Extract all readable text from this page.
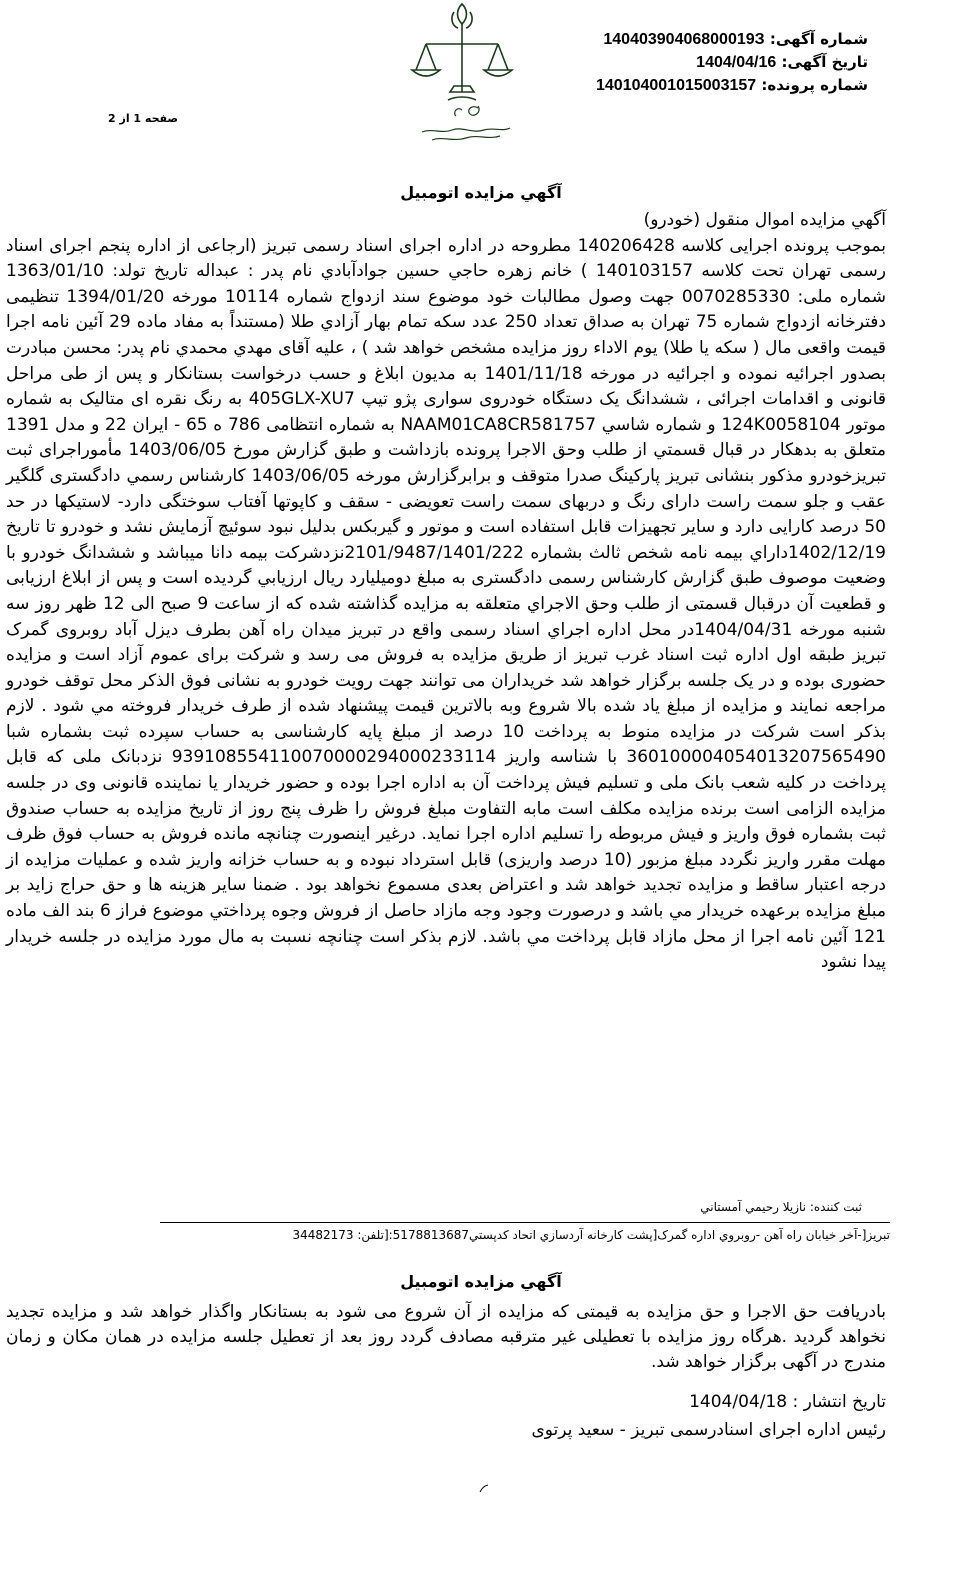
شماره آگهی: 14040390406800019З
تاریخ آگهی: 1404/04/16
شماره پرونده: 140104001015003157
صفحه 1 از 2
آگهي مزايده اتومبيل

آگهي مزايده اموال منقول (خودرو)

بموجب پرونده اجرایی کلاسه 140206428 مطروحه در اداره اجرای اسناد رسمی تبریز (ارجاعی از اداره پنجم اجرای اسناد رسمی تهران تحت کلاسه 140103157 ) خانم زهره حاجي حسين جوادآبادي نام پدر : عبداله تاریخ تولد: 1363/01/10 شماره ملی: 0070285330 جهت وصول مطالبات خود موضوع سند ازدواج شماره 10114 مورخه 1394/01/20 تنظیمی دفترخانه ازدواج شماره 75 تهران به صداق تعداد 250 عدد سکه تمام بهار آزادي طلا (مستنداً به مفاد ماده 29 آئین نامه اجرا قیمت واقعی مال ( سکه یا طلا) یوم الاداء روز مزایده مشخص خواهد شد ) ، علیه آقای مهدي محمدي نام پدر: محسن مبادرت بصدور اجرائیه نموده و اجرائیه در مورخه 1401/11/18 به مديون ابلاغ و حسب درخواست بستانكار و پس از طی مراحل قانونی و اقدامات اجرائی ، ششدانگ یک دستگاه خودروی سواری پژو تیپ 405GLX-XU7 به رنگ نقره ای متالیک به شماره موتور 124K0058104 و شماره شاسي NAAM01CA8CR581757 به شماره انتظامی 786 ه 65 - ایران 22 و مدل 1391 متعلق به بدهكار در قبال قسمتي از طلب وحق الاجرا پرونده بازداشت و طبق گزارش مورخ 1403/06/05 مأموراجرای ثبت تبریزخودرو مذکور بنشانی تبریز پارکینگ صدرا متوقف و برابرگزارش مورخه 1403/06/05 کارشناس رسمي دادگستری گلگیر عقب و جلو سمت راست دارای رنگ و دربهای سمت راست تعویضی - سقف و کاپوتها آفتاب سوختگی دارد- لاستیکها در حد 50 درصد کارایی دارد و سایر تجهیزات قابل استفاده است و موتور و گیربکس بدلیل نبود سوئیچ آزمایش نشد و خودرو تا تاریخ 1402/12/19داراي بيمه نامه شخص ثالث بشماره 2101/9487/1401/222نزدشرکت بیمه دانا میباشد و ششدانگ خودرو با وضعیت موصوف طبق گزارش کارشناس رسمی دادگستری به مبلغ دومیلیارد ریال ارزيابي گرديده است و پس از ابلاغ ارزیابی و قطعیت آن درقبال قسمتی از طلب وحق الاجراي متعلقه به مزايده گذاشته شده كه از ساعت 9 صبح الی 12 ظهر روز سه شنبه مورخه 1404/04/31در محل اداره اجراي اسناد رسمی واقع در تبریز میدان راه آهن بطرف دیزل آباد روبروی گمرک تبریز طبقه اول اداره ثبت اسناد غرب تبریز از طريق مزايده به فروش می رسد و شرکت برای عموم آزاد است و مزایده حضوری بوده و در یک جلسه برگزار خواهد شد خریداران می توانند جهت رویت خودرو به نشانی فوق الذکر محل توقف خودرو مراجعه نمايند و مزايده از مبلغ ياد شده بالا شروع وبه بالاترين قيمت پيشنهاد شده از طرف خريدار فروخته مي شود . لازم بذكر است شرکت در مزایده منوط به پرداخت 10 درصد از مبلغ پایه کارشناسی به حساب سپرده ثبت بشماره شبا 360100004054013207565490 با شناسه واریز 939108554110070000294000233114 نزدبانک ملی که قابل پرداخت در كليه شعب بانک ملی و تسلیم فیش پرداخت آن به اداره اجرا بوده و حضور خریدار یا نماینده قانونی وی در جلسه مزایده الزامی است برنده مزایده مکلف است مابه التفاوت مبلغ فروش را ظرف پنج روز از تاریخ مزایده به حساب صندوق ثبت بشماره فوق واریز و فیش مربوطه را تسلیم اداره اجرا نماید. درغیر اینصورت چنانچه مانده فروش به حساب فوق ظرف مهلت مقرر واریز نگردد مبلغ مزبور (10 درصد واریزی) قابل استرداد نبوده و به حساب خزانه واریز شده و عملیات مزایده از درجه اعتبار ساقط و مزایده تجدید خواهد شد و اعتراض بعدی مسموع نخواهد بود . ضمنا سایر هزینه ها و حق حراج زاید بر مبلغ مزایده برعهده خریدار مي باشد و درصورت وجود وجه مازاد حاصل از فروش وجوه پرداختي موضوع فراز 6 بند الف ماده 121 آئين نامه اجرا از محل مازاد قابل پرداخت مي باشد. لازم بذکر است چنانچه نسبت به مال مورد مزایده در جلسه خریدار پیدا نشود

ثبت كننده: نازيلا رحيمي آمستاني
تبريز[-آخر خيابان راه آهن -روبروي اداره گمرک[پشت کارخانه آردسازي اتحاد کدپستي5178813687:[تلفن: 34482173
آگهي مزايده اتومبيل

بادریافت حق الاجرا و حق مزایده به قیمتی که مزایده از آن شروع می شود به بستانکار واگذار خواهد شد و مزایده تجدید نخواهد گردید .هرگاه روز مزایده با تعطیلی غیر مترقبه مصادف گردد روز بعد از تعطیل جلسه مزایده در همان مکان و زمان مندرج در آگهی برگزار خواهد شد.

تاریخ انتشار : 1404/04/18
رئیس اداره اجرای اسنادرسمی تبریز - سعید پرتوی
